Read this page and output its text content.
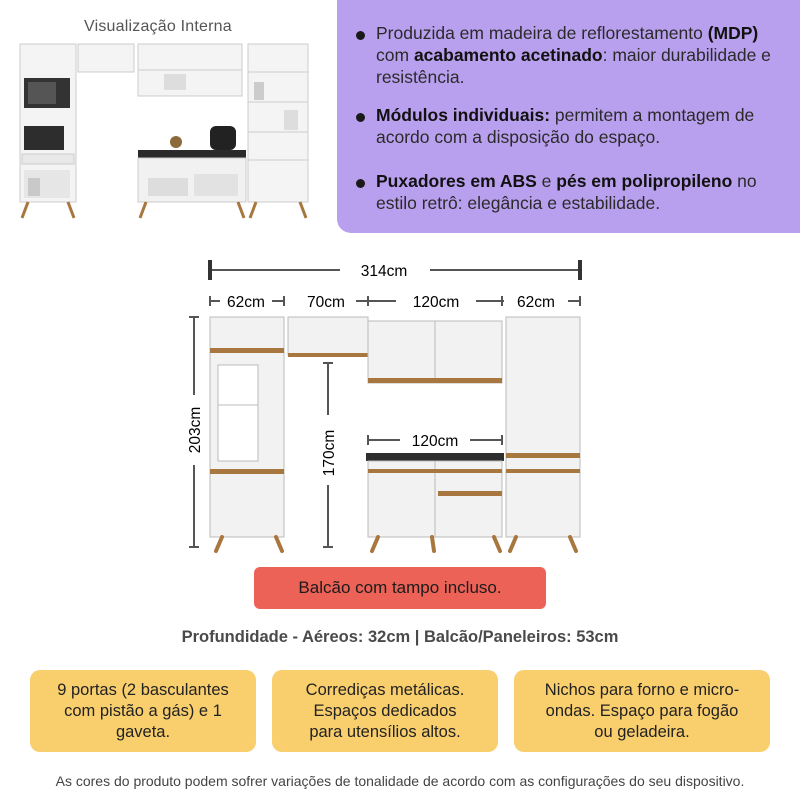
Visualização Interna	Produzida em madeira de reflorestamento (MDP) com acabamento acetinado: maior durabilidade e resistência.
Módulos individuais: permitem a montagem de acordo com a disposição do espaço.
Puxadores em ABS e pés em polipropileno no estilo retrô: elegância e estabilidade.
314cm
62cm	70cm	120cm	62cm
203cm	170cm	120cm
Balcão com tampo incluso.
Profundidade - Aéreos: 32cm | Balcão/Paneleiros: 53cm
9 portas (2 basculantes
com pistão a gás) e 1
gaveta.
Corrediças metálicas.
Espaços dedicados
para utensílios altos.
Nichos para forno e micro-
ondas. Espaço para fogão
ou geladeira.
As cores do produto podem sofrer variações de tonalidade de acordo com as configurações do seu dispositivo.
